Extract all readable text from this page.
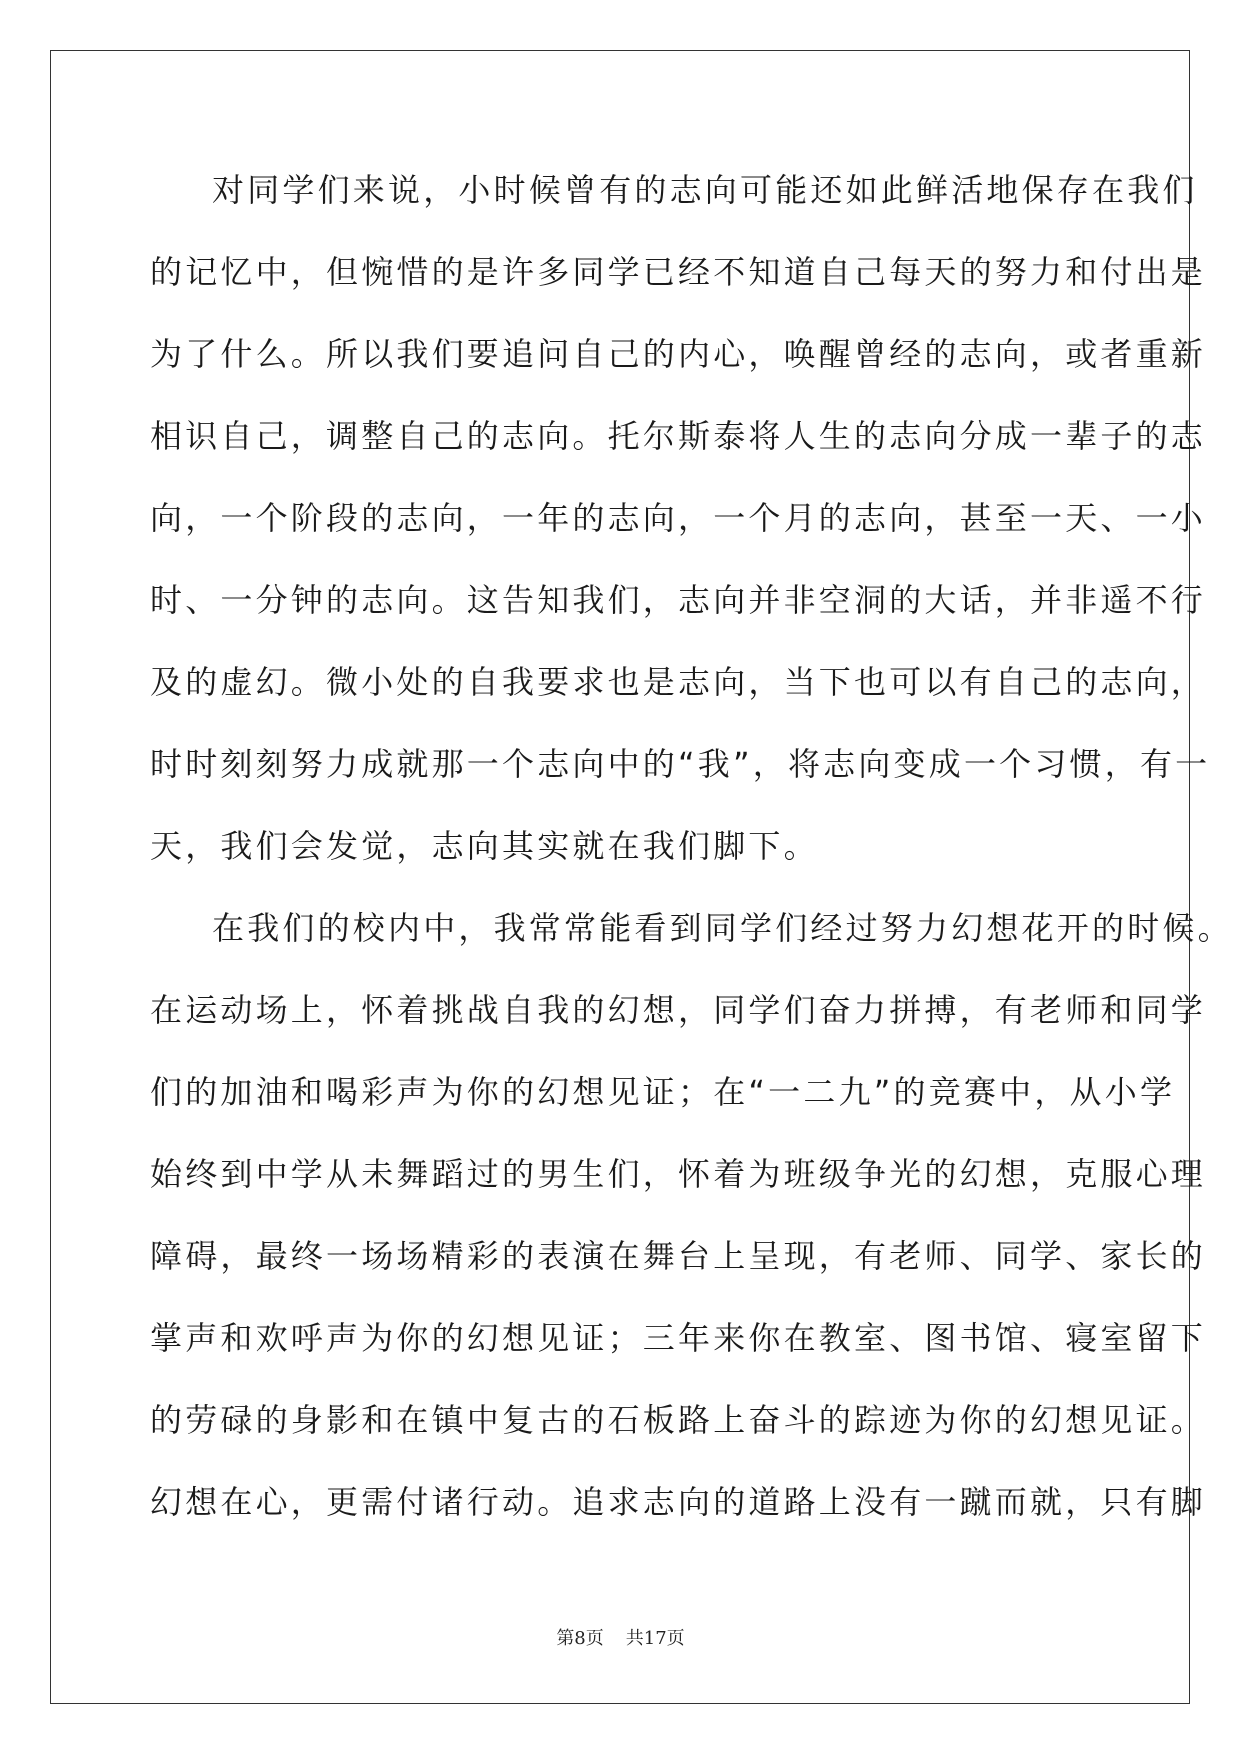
对同学们来说，小时候曾有的志向可能还如此鲜活地保存在我们
的记忆中，但惋惜的是许多同学已经不知道自己每天的努力和付出是
为了什么。所以我们要追问自己的内心，唤醒曾经的志向，或者重新
相识自己，调整自己的志向。托尔斯泰将人生的志向分成一辈子的志
向，一个阶段的志向，一年的志向，一个月的志向，甚至一天、一小
时、一分钟的志向。这告知我们，志向并非空洞的大话，并非遥不行
及的虚幻。微小处的自我要求也是志向，当下也可以有自己的志向，
时时刻刻努力成就那一个志向中的“我”，将志向变成一个习惯，有一
天，我们会发觉，志向其实就在我们脚下。

在我们的校内中，我常常能看到同学们经过努力幻想花开的时候。
在运动场上，怀着挑战自我的幻想，同学们奋力拼搏，有老师和同学
们的加油和喝彩声为你的幻想见证；在“一二九”的竞赛中，从小学
始终到中学从未舞蹈过的男生们，怀着为班级争光的幻想，克服心理
障碍，最终一场场精彩的表演在舞台上呈现，有老师、同学、家长的
掌声和欢呼声为你的幻想见证；三年来你在教室、图书馆、寝室留下
的劳碌的身影和在镇中复古的石板路上奋斗的踪迹为你的幻想见证。
幻想在心，更需付诸行动。追求志向的道路上没有一蹴而就，只有脚

第8页 共17页
